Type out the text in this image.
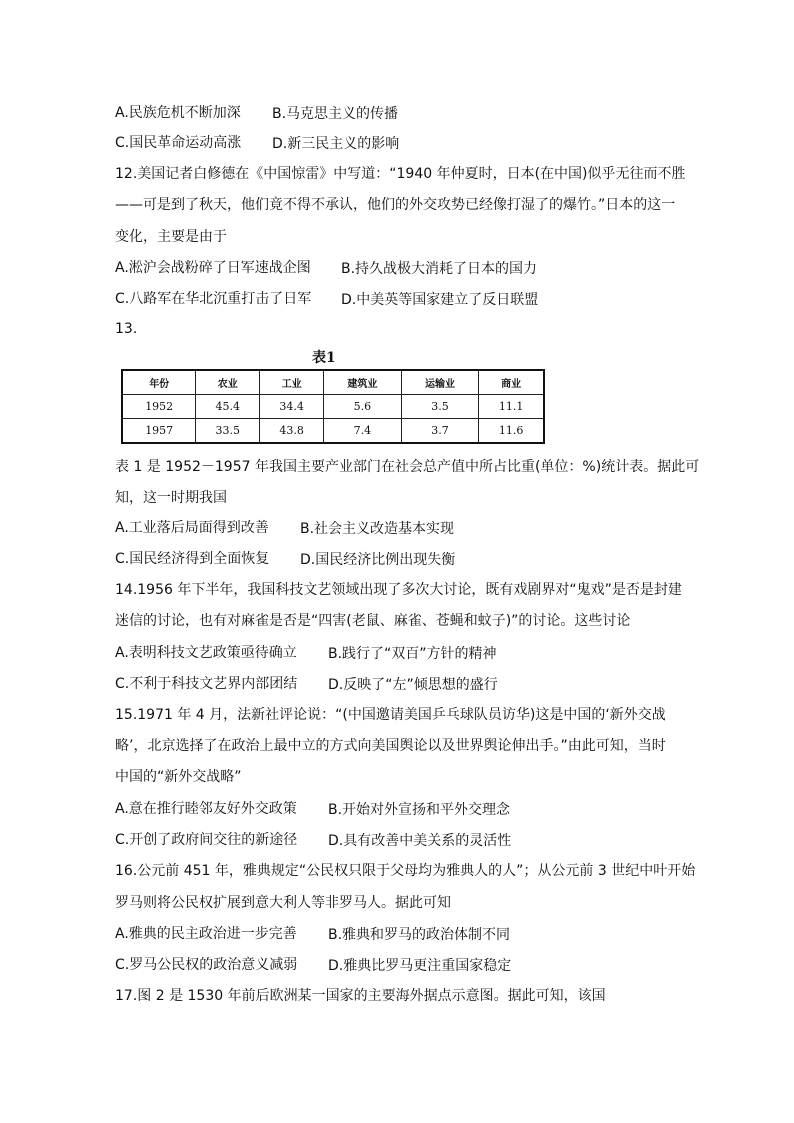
A.民族危机不断加深 B.马克思主义的传播
C.国民革命运动高涨 D.新三民主义的影响
12.美国记者白修德在《中国惊雷》中写道：“1940 年仲夏时，日本(在中国)似乎无往而不胜
——可是到了秋天，他们竟不得不承认，他们的外交攻势已经像打湿了的爆竹。”日本的这一
变化，主要是由于
A.淞沪会战粉碎了日军速战企图 B.持久战极大消耗了日本的国力
C.八路军在华北沉重打击了日军 D.中美英等国家建立了反日联盟
13.
表1
年份	农业	工业	建筑业	运输业	商业
1952	45.4	34.4	5.6	3.5	11.1
1957	33.5	43.8	7.4	3.7	11.6
表 1 是 1952－1957 年我国主要产业部门在社会总产值中所占比重(单位：%)统计表。据此可
知，这一时期我国
A.工业落后局面得到改善 B.社会主义改造基本实现
C.国民经济得到全面恢复 D.国民经济比例出现失衡
14.1956 年下半年，我国科技文艺领域出现了多次大讨论，既有戏剧界对“鬼戏”是否是封建
迷信的讨论，也有对麻雀是否是“四害(老鼠、麻雀、苍蝇和蚊子)”的讨论。这些讨论
A.表明科技文艺政策亟待确立 B.践行了“双百”方针的精神
C.不利于科技文艺界内部团结 D.反映了“左”倾思想的盛行
15.1971 年 4 月，法新社评论说：“(中国邀请美国乒乓球队员访华)这是中国的‘新外交战
略’，北京选择了在政治上最中立的方式向美国舆论以及世界舆论伸出手。”由此可知，当时
中国的“新外交战略”
A.意在推行睦邻友好外交政策 B.开始对外宣扬和平外交理念
C.开创了政府间交往的新途径 D.具有改善中美关系的灵活性
16.公元前 451 年，雅典规定“公民权只限于父母均为雅典人的人”；从公元前 3 世纪中叶开始
罗马则将公民权扩展到意大利人等非罗马人。据此可知
A.雅典的民主政治进一步完善 B.雅典和罗马的政治体制不同
C.罗马公民权的政治意义减弱 D.雅典比罗马更注重国家稳定
17.图 2 是 1530 年前后欧洲某一国家的主要海外据点示意图。据此可知，该国
